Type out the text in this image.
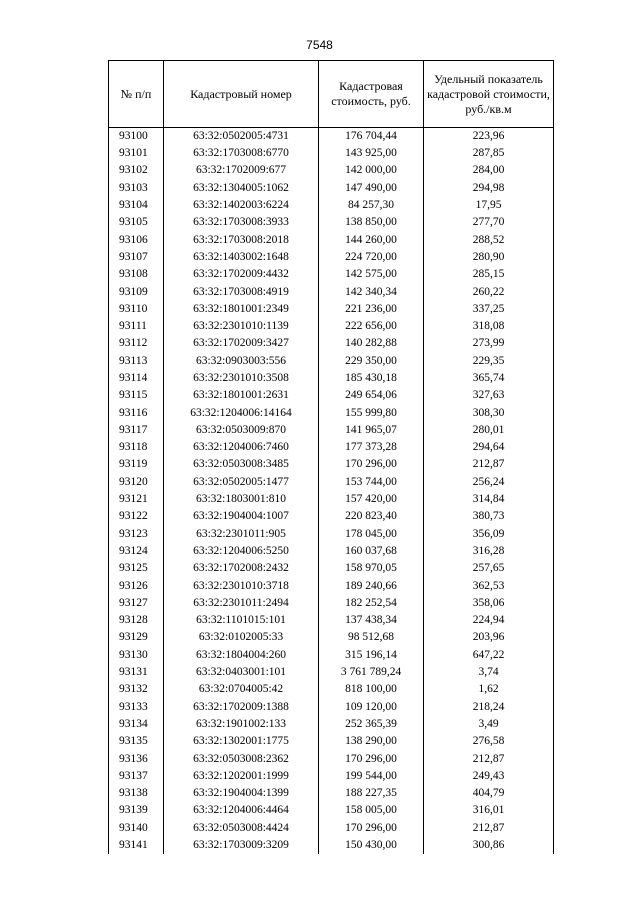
7548
№ п/п	Кадастровый номер	Кадастровая стоимость, руб.	Удельный показатель кадастровой стоимости, руб./кв.м
93100	63:32:0502005:4731	176 704,44	223,96
93101	63:32:1703008:6770	143 925,00	287,85
93102	63:32:1702009:677	142 000,00	284,00
93103	63:32:1304005:1062	147 490,00	294,98
93104	63:32:1402003:6224	84 257,30	17,95
93105	63:32:1703008:3933	138 850,00	277,70
93106	63:32:1703008:2018	144 260,00	288,52
93107	63:32:1403002:1648	224 720,00	280,90
93108	63:32:1702009:4432	142 575,00	285,15
93109	63:32:1703008:4919	142 340,34	260,22
93110	63:32:1801001:2349	221 236,00	337,25
93111	63:32:2301010:1139	222 656,00	318,08
93112	63:32:1702009:3427	140 282,88	273,99
93113	63:32:0903003:556	229 350,00	229,35
93114	63:32:2301010:3508	185 430,18	365,74
93115	63:32:1801001:2631	249 654,06	327,63
93116	63:32:1204006:14164	155 999,80	308,30
93117	63:32:0503009:870	141 965,07	280,01
93118	63:32:1204006:7460	177 373,28	294,64
93119	63:32:0503008:3485	170 296,00	212,87
93120	63:32:0502005:1477	153 744,00	256,24
93121	63:32:1803001:810	157 420,00	314,84
93122	63:32:1904004:1007	220 823,40	380,73
93123	63:32:2301011:905	178 045,00	356,09
93124	63:32:1204006:5250	160 037,68	316,28
93125	63:32:1702008:2432	158 970,05	257,65
93126	63:32:2301010:3718	189 240,66	362,53
93127	63:32:2301011:2494	182 252,54	358,06
93128	63:32:1101015:101	137 438,34	224,94
93129	63:32:0102005:33	98 512,68	203,96
93130	63:32:1804004:260	315 196,14	647,22
93131	63:32:0403001:101	3 761 789,24	3,74
93132	63:32:0704005:42	818 100,00	1,62
93133	63:32:1702009:1388	109 120,00	218,24
93134	63:32:1901002:133	252 365,39	3,49
93135	63:32:1302001:1775	138 290,00	276,58
93136	63:32:0503008:2362	170 296,00	212,87
93137	63:32:1202001:1999	199 544,00	249,43
93138	63:32:1904004:1399	188 227,35	404,79
93139	63:32:1204006:4464	158 005,00	316,01
93140	63:32:0503008:4424	170 296,00	212,87
93141	63:32:1703009:3209	150 430,00	300,86
